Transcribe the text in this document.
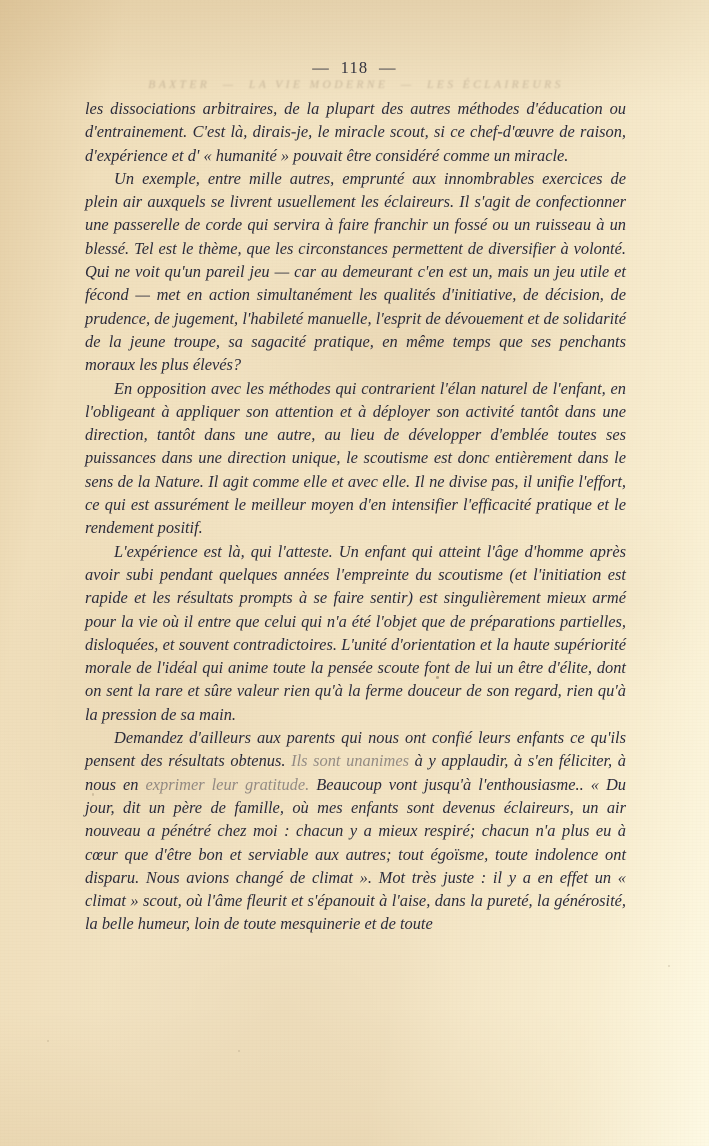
—  118  —
BAXTER  —  LA VIE MODERNE  —  LES ÉCLAIREURS

les dissociations arbitraires, de la plupart des autres méthodes d'éducation ou d'entrainement. C'est là, dirais-je, le miracle scout, si ce chef-d'œuvre de raison, d'expérience et d' « humanité » pouvait être considéré comme un miracle.

Un exemple, entre mille autres, emprunté aux innombrables exercices de plein air auxquels se livrent usuellement les éclaireurs. Il s'agit de confectionner une passerelle de corde qui servira à faire franchir un fossé ou un ruisseau à un blessé. Tel est le thème, que les circonstances permettent de diversifier à volonté. Qui ne voit qu'un pareil jeu — car au demeurant c'en est un, mais un jeu utile et fécond — met en action simultanément les qualités d'initiative, de décision, de prudence, de jugement, l'habileté manuelle, l'esprit de dévouement et de solidarité de la jeune troupe, sa sagacité pratique, en même temps que ses penchants moraux les plus élevés?

En opposition avec les méthodes qui contrarient l'élan naturel de l'enfant, en l'obligeant à appliquer son attention et à déployer son activité tantôt dans une direction, tantôt dans une autre, au lieu de développer d'emblée toutes ses puissances dans une direction unique, le scoutisme est donc entièrement dans le sens de la Nature. Il agit comme elle et avec elle. Il ne divise pas, il unifie l'effort, ce qui est assurément le meilleur moyen d'en intensifier l'efficacité pratique et le rendement positif.

L'expérience est là, qui l'atteste. Un enfant qui atteint l'âge d'homme après avoir subi pendant quelques années l'empreinte du scoutisme (et l'initiation est rapide et les résultats prompts à se faire sentir) est singulièrement mieux armé pour la vie où il entre que celui qui n'a été l'objet que de préparations partielles, disloquées, et souvent contradictoires. L'unité d'orientation et la haute supériorité morale de l'idéal qui anime toute la pensée scoute font de lui un être d'élite, dont on sent la rare et sûre valeur rien qu'à la ferme douceur de son regard, rien qu'à la pression de sa main.

Demandez d'ailleurs aux parents qui nous ont confié leurs enfants ce qu'ils pensent des résultats obtenus. Ils sont unanimes à y applaudir, à s'en féliciter, à nous en exprimer leur gratitude. Beaucoup vont jusqu'à l'enthousiasme.. « Du jour, dit un père de famille, où mes enfants sont devenus éclaireurs, un air nouveau a pénétré chez moi : chacun y a mieux respiré; chacun n'a plus eu à cœur que d'être bon et serviable aux autres; tout égoïsme, toute indolence ont disparu. Nous avions changé de climat ». Mot très juste : il y a en effet un « climat » scout, où l'âme fleurit et s'épanouit à l'aise, dans la pureté, la générosité, la belle humeur, loin de toute mesquinerie et de toute
